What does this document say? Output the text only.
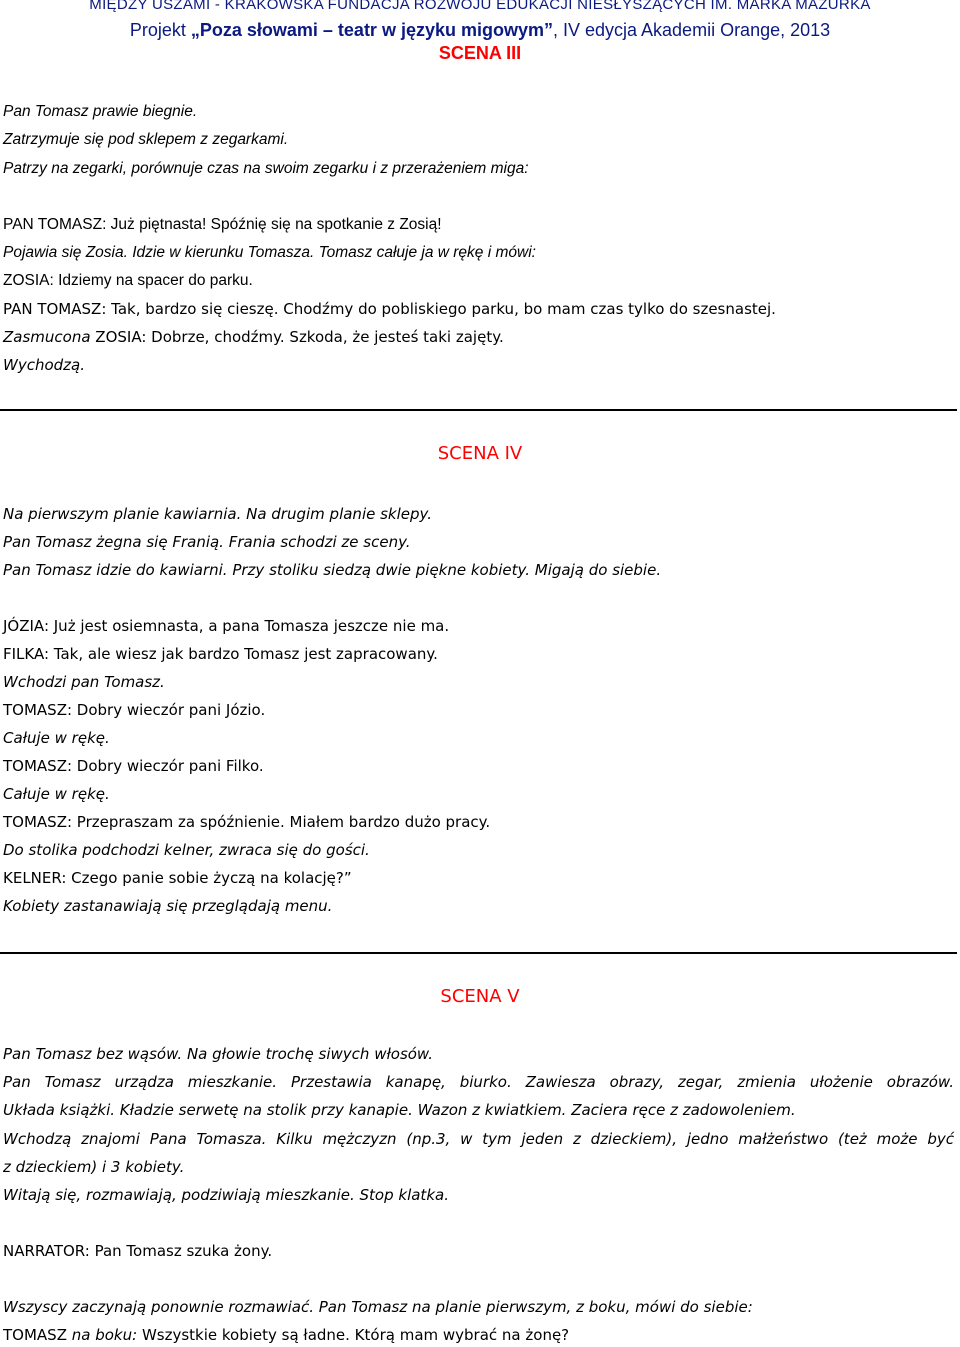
MIĘDZY USZAMI - KRAKOWSKA FUNDACJA ROZWOJU EDUKACJI NIESŁYSZĄCYCH IM. MARKA MAZURKA
Projekt „Poza słowami – teatr w języku migowym”, IV edycja Akademii Orange, 2013
SCENA III
Pan Tomasz prawie biegnie.
Zatrzymuje się pod sklepem z zegarkami.
Patrzy na zegarki, porównuje czas na swoim zegarku i z przerażeniem miga:
PAN TOMASZ: Już piętnasta! Spóźnię się na spotkanie z Zosią!
Pojawia się Zosia. Idzie w kierunku Tomasza. Tomasz całuje ja w rękę i mówi:
ZOSIA: Idziemy na spacer do parku.
PAN TOMASZ: Tak, bardzo się cieszę. Chodźmy do pobliskiego parku, bo mam czas tylko do szesnastej.
Zasmucona ZOSIA: Dobrze, chodźmy. Szkoda, że jesteś taki zajęty.
Wychodzą.
SCENA IV
Na pierwszym planie kawiarnia. Na drugim planie sklepy.
Pan Tomasz żegna się Franią. Frania schodzi ze sceny.
Pan Tomasz idzie do kawiarni. Przy stoliku siedzą dwie piękne kobiety. Migają do siebie.
JÓZIA: Już jest osiemnasta, a pana Tomasza jeszcze nie ma.
FILKA: Tak, ale wiesz jak bardzo Tomasz jest zapracowany.
Wchodzi pan Tomasz.
TOMASZ: Dobry wieczór pani Józio.
Całuje w rękę.
TOMASZ: Dobry wieczór pani Filko.
Całuje w rękę.
TOMASZ: Przepraszam za spóźnienie. Miałem bardzo dużo pracy.
Do stolika podchodzi kelner, zwraca się do gości.
KELNER: Czego panie sobie życzą na kolację?”
Kobiety zastanawiają się przeglądają menu.
SCENA V
Pan Tomasz bez wąsów. Na głowie trochę siwych włosów.
Pan Tomasz urządza mieszkanie. Przestawia kanapę, biurko. Zawiesza obrazy, zegar, zmienia ułożenie obrazów.
Układa książki. Kładzie serwetę na stolik przy kanapie. Wazon z kwiatkiem. Zaciera ręce z zadowoleniem.
Wchodzą znajomi Pana Tomasza. Kilku mężczyzn (np.3, w tym jeden z dzieckiem), jedno małżeństwo (też może być
z dzieckiem) i 3 kobiety.
Witają się, rozmawiają, podziwiają mieszkanie. Stop klatka.
NARRATOR: Pan Tomasz szuka żony.
Wszyscy zaczynają ponownie rozmawiać. Pan Tomasz na planie pierwszym, z boku, mówi do siebie:
TOMASZ na boku: Wszystkie kobiety są ładne. Którą mam wybrać na żonę?
